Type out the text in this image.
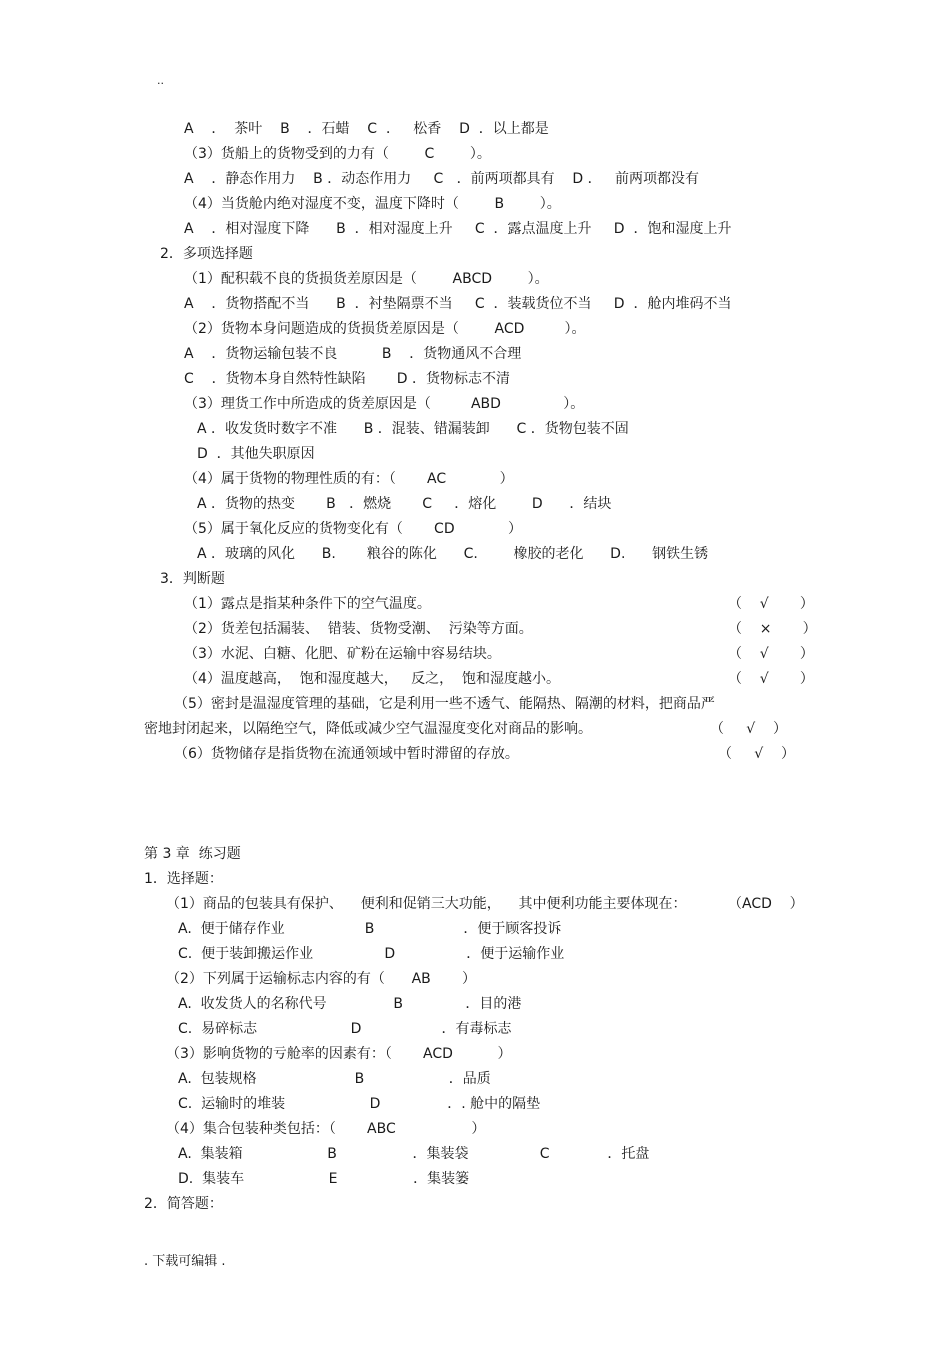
..
A    ．  茶叶    B    ．石蜡    C  ．   松香    D  ．以上都是
（3）货船上的货物受到的力有（        C        ）。
A    ．静态作用力    B ．动态作用力     C   ．前两项都具有    D ．   前两项都没有
（4）当货舱内绝对湿度不变，温度下降时（        B        ）。
A    ．相对湿度下降      B  ．相对湿度上升     C  ．露点温度上升     D  ．饱和湿度上升
2．多项选择题
（1）配积载不良的货损货差原因是（        ABCD        ）。
A    ．货物搭配不当      B  ．衬垫隔票不当     C  ．装载货位不当     D  ．舱内堆码不当
（2）货物本身问题造成的货损货差原因是（        ACD         ）。
A    ．货物运输包装不良          B    ．货物通风不合理
C    ．货物本身自然特性缺陷       D ．货物标志不清
（3）理货工作中所造成的货差原因是（         ABD              ）。
A ．收发货时数字不准      B ．混装、错漏装卸      C ．货物包装不固
D  ．其他失职原因
（4）属于货物的物理性质的有：（       AC            ）
A ．货物的热变       B   ．燃烧       C     ．熔化        D      ．结块
（5）属于氧化反应的货物变化有（       CD            ）
A ．玻璃的风化      B.       粮谷的陈化      C.        橡胶的老化      D.      钢铁生锈
3．判断题
（1）露点是指某种条件下的空气温度。	（    √       ）
（2）货差包括漏装、  错装、货物受潮、  污染等方面。	（    ×       ）
（3）水泥、白糖、化肥、矿粉在运输中容易结块。	（    √       ）
（4）温度越高，  饱和湿度越大，   反之，  饱和湿度越小。	（    √       ）
（5）密封是温湿度管理的基础，它是利用一些不透气、能隔热、隔潮的材料，把商品严
密地封闭起来，以隔绝空气，降低或减少空气温湿度变化对商品的影响。	（     √    ）
（6）货物储存是指货物在流通领域中暂时滞留的存放。	（     √    ）
第 3 章  练习题
1．选择题：
（1）商品的包装具有保护、    便利和促销三大功能，    其中便利功能主要体现在：	（ACD    ）
A.  便于储存作业                  B                    ．便于顾客投诉
C.  便于装卸搬运作业                D                ．便于运输作业
（2）下列属于运输标志内容的有（      AB       ）
A.  收发货人的名称代号               B              ．目的港
C.  易碎标志                     D                  ．有毒标志
（3）影响货物的亏舱率的因素有：（       ACD          ）
A.  包装规格                      B                   ．品质
C.  运输时的堆装                   D               ．. 舱中的隔垫
（4）集合包装种类包括：（       ABC                 ）
A.  集装箱                   B                 ．集装袋                C             ．托盘
D.  集装车                   E                 ．集装篓
2．简答题：
. 下载可编辑 .
